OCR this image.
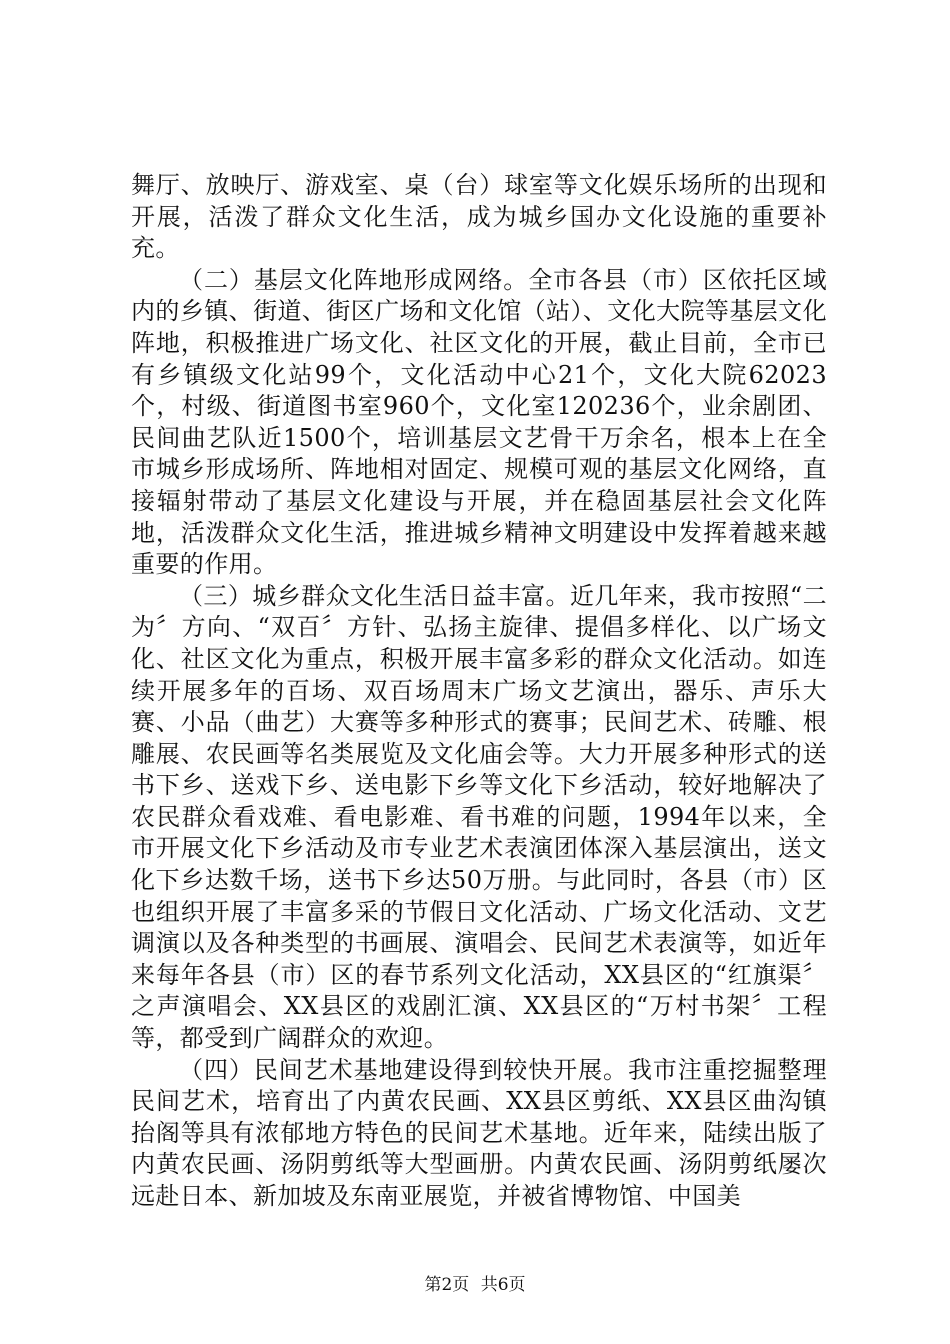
舞厅、放映厅、游戏室、桌（台）球室等文化娱乐场所的出现和开展，活泼了群众文化生活，成为城乡国办文化设施的重要补充。

（二）基层文化阵地形成网络。全市各县（市）区依托区域内的乡镇、街道、街区广场和文化馆（站）、文化大院等基层文化阵地，积极推进广场文化、社区文化的开展，截止目前，全市已有乡镇级文化站99个，文化活动中心21个，文化大院62023个，村级、街道图书室960个，文化室120236个，业余剧团、民间曲艺队近1500个，培训基层文艺骨干万余名，根本上在全市城乡形成场所、阵地相对固定、规模可观的基层文化网络，直接辐射带动了基层文化建设与开展，并在稳固基层社会文化阵地，活泼群众文化生活，推进城乡精神文明建设中发挥着越来越重要的作用。

（三）城乡群众文化生活日益丰富。近几年来，我市按照“二为〞方向、“双百〞方针、弘扬主旋律、提倡多样化、以广场文化、社区文化为重点，积极开展丰富多彩的群众文化活动。如连续开展多年的百场、双百场周末广场文艺演出，器乐、声乐大赛、小品（曲艺）大赛等多种形式的赛事；民间艺术、砖雕、根雕展、农民画等名类展览及文化庙会等。大力开展多种形式的送书下乡、送戏下乡、送电影下乡等文化下乡活动，较好地解决了农民群众看戏难、看电影难、看书难的问题，1994年以来，全市开展文化下乡活动及市专业艺术表演团体深入基层演出，送文化下乡达数千场，送书下乡达50万册。与此同时，各县（市）区也组织开展了丰富多采的节假日文化活动、广场文化活动、文艺调演以及各种类型的书画展、演唱会、民间艺术表演等，如近年来每年各县（市）区的春节系列文化活动，XX县区的“红旗渠〞之声演唱会、XX县区的戏剧汇演、XX县区的“万村书架〞工程等，都受到广阔群众的欢迎。

（四）民间艺术基地建设得到较快开展。我市注重挖掘整理民间艺术，培育出了内黄农民画、XX县区剪纸、XX县区曲沟镇抬阁等具有浓郁地方特色的民间艺术基地。近年来，陆续出版了内黄农民画、汤阴剪纸等大型画册。内黄农民画、汤阴剪纸屡次远赴日本、新加坡及东南亚展览，并被省博物馆、中国美

第2页 共6页
